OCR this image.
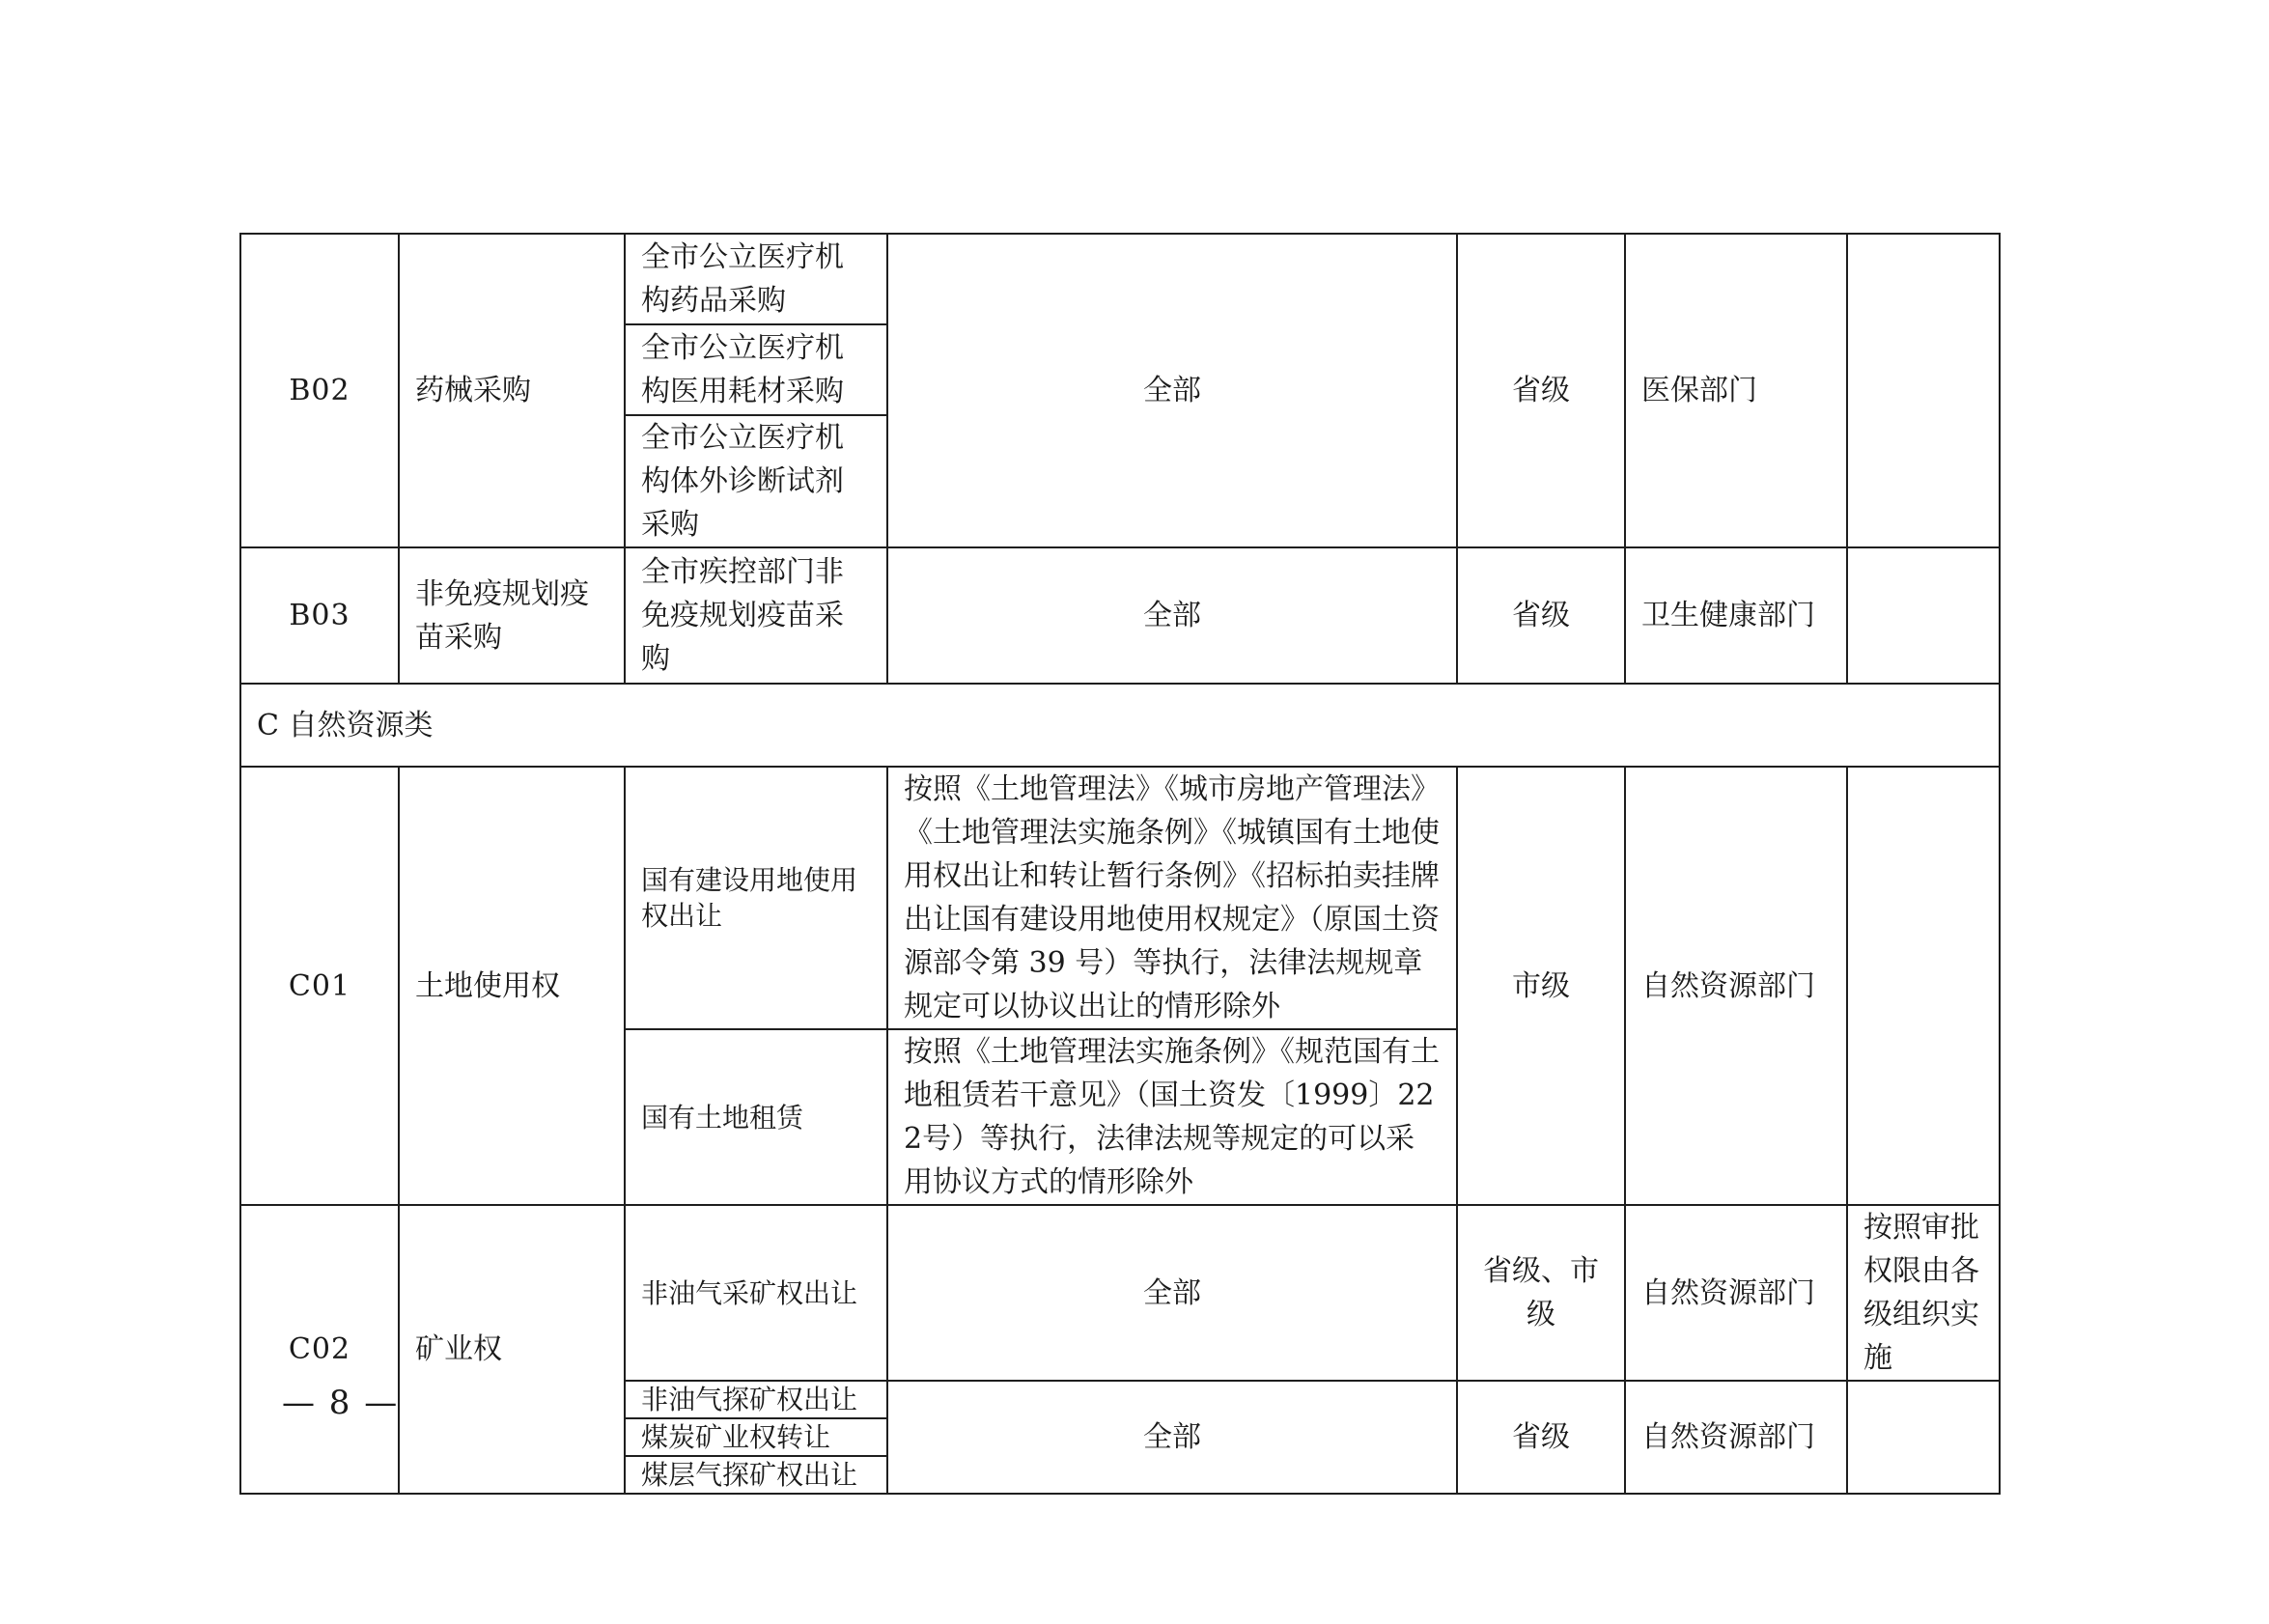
B02	药械采购	全市公立医疗机构药品采购	全部	省级	医保部门	
		全市公立医疗机构医用耗材采购				
		全市公立医疗机构体外诊断试剂采购				
B03	非免疫规划疫苗采购	全市疾控部门非免疫规划疫苗采购	全部	省级	卫生健康部门	
C 自然资源类						
C01	土地使用权	国有建设用地使用权出让	按照《土地管理法》《城市房地产管理法》《土地管理法实施条例》《城镇国有土地使用权出让和转让暂行条例》《招标拍卖挂牌出让国有建设用地使用权规定》（原国土资源部令第 39 号）等执行，法律法规规章规定可以协议出让的情形除外	市级	自然资源部门	
		国有土地租赁	按照《土地管理法实施条例》《规范国有土地租赁若干意见》（国土资发〔1999〕222号）等执行，法律法规等规定的可以采用协议方式的情形除外			
C02	矿业权	非油气采矿权出让	全部	省级、市级	自然资源部门	按照审批权限由各级组织实施
		非油气探矿权出让	全部	省级	自然资源部门	
		煤炭矿业权转让				
		煤层气探矿权出让				
— 8 —
